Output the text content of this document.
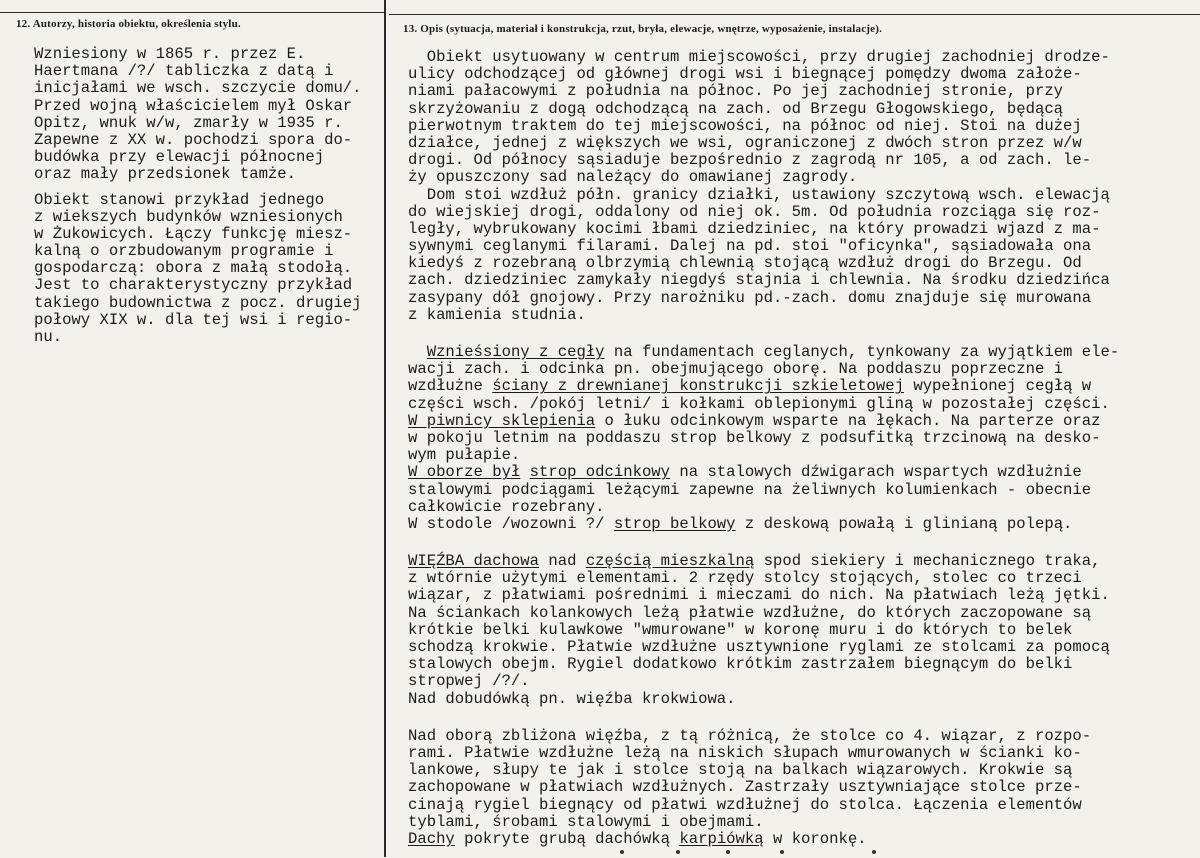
12. Autorzy, historia obiektu, określenia stylu.
Wzniesiony w 1865 r. przez E.
Haertmana /?/ tabliczka z datą i
inicjałami we wsch. szczycie domu/.
Przed wojną właścicielem mył Oskar
Opitz, wnuk w/w, zmarły w 1935 r.
Zapewne z XX w. pochodzi spora do-
budówka przy elewacji północnej
oraz mały przedsionek tamże.
Obiekt stanowi przykład jednego
z wiekszych budynków wzniesionych
w Żukowicych. Łączy funkcję miesz-
kalną o orzbudowanym programie i
gospodarczą: obora z małą stodołą.
Jest to charakterystyczny przykład
takiego budownictwa z pocz. drugiej
połowy XIX w. dla tej wsi i regio-
nu.
13. Opis (sytuacja, materiał i konstrukcja, rzut, bryła, elewacje, wnętrze, wyposażenie, instalacje).
Obiekt usytuowany w centrum miejscowości, przy drugiej zachodniej drodze-
ulicy odchodzącej od głównej drogi wsi i biegnącej pomędzy dwoma założe-
niami pałacowymi z południa na północ. Po jej zachodniej stronie, przy
skrzyżowaniu z dogą odchodzącą na zach. od Brzegu Głogowskiego, będącą
pierwotnym traktem do tej miejscowości, na północ od niej. Stoi na dużej
działce, jednej z większych we wsi, ograniczonej z dwóch stron przez w/w
drogi. Od północy sąsiaduje bezpośrednio z zagrodą nr 105, a od zach. le-
ży opuszczony sad należący do omawianej zagrody.
Dom stoi wzdłuż półn. granicy działki, ustawiony szczytową wsch. elewacją
do wiejskiej drogi, oddalony od niej ok. 5m. Od południa rozciąga się roz-
legły, wybrukowany kocimi łbami dziedziniec, na który prowadzi wjazd z ma-
sywnymi ceglanymi filarami. Dalej na pd. stoi "oficynka", sąsiadowała ona
kiedyś z rozebraną olbrzymią chlewnią stojącą wzdłuż drogi do Brzegu. Od
zach. dziedziniec zamykały niegdyś stajnia i chlewnia. Na środku dziedzińca
zasypany dół gnojowy. Przy narożniku pd.-zach. domu znajduje się murowana
z kamienia studnia.
Wznieśsiony z cegły na fundamentach ceglanych, tynkowany za wyjątkiem ele-
wacji zach. i odcinka pn. obejmującego oborę. Na poddaszu poprzeczne i
wzdłużne ściany z drewnianej konstrukcji szkieletowej wypełnionej cegłą w
części wsch. /pokój letni/ i kołkami oblepionymi gliną w pozostałej części.
W piwnicy sklepienia o łuku odcinkowym wsparte na łękach. Na parterze oraz
w pokoju letnim na poddaszu strop belkowy z podsufitką trzcinową na desko-
wym pułapie.
W oborze był strop odcinkowy na stalowych dźwigarach wspartych wzdłużnie
stalowymi podciągami leżącymi zapewne na żeliwnych kolumienkach - obecnie
całkowicie rozebrany.
W stodole /wozowni ?/ strop belkowy z deskową powałą i glinianą polepą.
WIĘŹBA dachowa nad częścią mieszkalną spod siekiery i mechanicznego traka,
z wtórnie użytymi elementami. 2 rzędy stolcy stojących, stolec co trzeci
wiązar, z płatwiami pośrednimi i mieczami do nich. Na płatwiach leżą jętki.
Na ściankach kolankowych leżą płatwie wzdłużne, do których zaczopowane są
krótkie belki kulawkowe "wmurowane" w koronę muru i do których to belek
schodzą krokwie. Płatwie wzdłużne usztywnione ryglami ze stolcami za pomocą
stalowych obejm. Rygiel dodatkowo krótkim zastrzałem biegnącym do belki
stropwej /?/.
Nad dobudówką pn. więźba krokwiowa.
Nad oborą zbliżona więźba, z tą różnicą, że stolce co 4. wiązar, z rozpo-
rami. Płatwie wzdłużne leżą na niskich słupach wmurowanych w ścianki ko-
lankowe, słupy te jak i stolce stoją na balkach wiązarowych. Krokwie są
zachopowane w płatwiach wzdłużnych. Zastrzały usztywniające stolce prze-
cinają rygiel biegnący od płatwi wzdłużnej do stolca. Łączenia elementów
tyblami, śrobami stalowymi i obejmami.
Dachy pokryte grubą dachówką karpiówką w koronkę.
